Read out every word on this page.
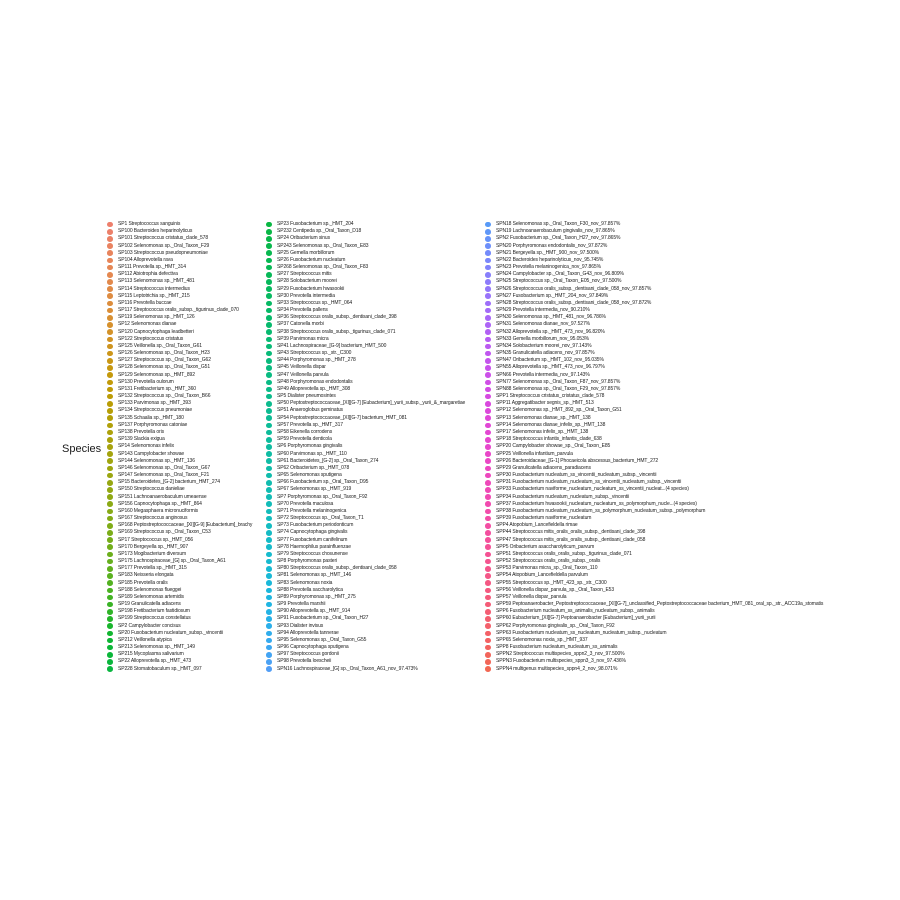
Species
SP1 Streptococcus sanguinis
SP100 Bacteroides heparinolyticus
SP101 Streptococcus cristatus_clade_578
SP102 Selenomonas sp._Oral_Taxon_F29
SP103 Streptococcus pseudopneumoniae
SP104 Alloprevotella rava
SP111 Prevotella sp._HMT_314
SP112 Abiotrophia defectiva
SP113 Selenomonas sp._HMT_481
SP114 Streptococcus intermedius
SP115 Leptotrichia sp._HMT_215
SP116 Prevotella buccae
SP117 Streptococcus oralis_subsp._tigurinus_clade_070
SP119 Selenomonas sp._HMT_126
SP12 Selenomonas dianae
SP120 Capnocytophaga leadbetteri
SP122 Streptococcus cristatus
SP125 Veillonella sp._Oral_Taxon_G61
SP126 Selenomonas sp._Oral_Taxon_H23
SP127 Streptococcus sp._Oral_Taxon_G62
SP128 Selenomonas sp._Oral_Taxon_G51
SP129 Selenomonas sp._HMT_892
SP130 Prevotella oulorum
SP131 Fretibacterium sp._HMT_360
SP132 Streptococcus sp._Oral_Taxon_B66
SP133 Parvimonas sp._HMT_393
SP134 Streptococcus pneumoniae
SP135 Schaalia sp._HMT_180
SP137 Porphyromonas catoniae
SP138 Prevotella oris
SP139 Slackia exigua
SP14 Selenomonas infelix
SP143 Campylobacter showae
SP144 Selenomonas sp._HMT_136
SP146 Selenomonas sp._Oral_Taxon_G67
SP147 Selenomonas sp._Oral_Taxon_F21
SP15 Bacteroidetes_[G-2] bacterium_HMT_274
SP150 Streptococcus danieliae
SP151 Lachnoanaerobaculum umeaense
SP156 Capnocytophaga sp._HMT_864
SP160 Megasphaera micronuciformis
SP167 Streptococcus anginosus
SP168 Peptostreptococcaceae_[XI][G-9] [Eubacterium]_brachy
SP169 Streptococcus sp._Oral_Taxon_C53
SP17 Streptococcus sp._HMT_056
SP170 Bergeyella sp._HMT_907
SP173 Mogibacterium diversum
SP175 Lachnospiraceae_[G] sp._Oral_Taxon_A61
SP177 Prevotella sp._HMT_315
SP183 Neisseria elongata
SP185 Prevotella oralis
SP188 Selenomonas flueggei
SP189 Selenomonas artemidis
SP19 Granulicatella adiacens
SP198 Fretibacterium fastidiosum
SP199 Streptococcus constellatus
SP2 Campylobacter concisus
SP20 Fusobacterium nucleatum_subsp._vincentii
SP212 Veillonella atypica
SP213 Selenomonas sp._HMT_149
SP215 Mycoplasma salivarium
SP22 Alloprevotella sp._HMT_473
SP228 Stomatobaculum sp._HMT_097
SP23 Fusobacterium sp._HMT_204
SP232 Centipeda sp._Oral_Taxon_D18
SP24 Oribacterium sinus
SP243 Selenomonas sp._Oral_Taxon_E83
SP25 Gemella morbillorum
SP26 Fusobacterium nucleatum
SP268 Selenomonas sp._Oral_Taxon_F83
SP27 Streptococcus mitis
SP28 Solobacterium moorei
SP29 Fusobacterium hwasookii
SP30 Prevotella intermedia
SP33 Streptococcus sp._HMT_064
SP34 Prevotella pallens
SP36 Streptococcus oralis_subsp._dentisani_clade_398
SP37 Catonella morbi
SP38 Streptococcus oralis_subsp._tigurinus_clade_071
SP39 Parvimonas micra
SP41 Lachnospiraceae_[G-9] bacterium_HMT_500
SP43 Streptococcus sp._str._C300
SP44 Porphyromonas sp._HMT_278
SP45 Veillonella dispar
SP47 Veillonella parvula
SP48 Porphyromonas endodontalis
SP49 Alloprevotella sp._HMT_308
SP5 Dialister pneumosintes
SP50 Peptostreptococcaceae_[XI][G-7] [Eubacterium]_yurii_subsp._yurii_&_margaretiae
SP51 Anaeroglobus geminatus
SP54 Peptostreptococcaceae_[XI][G-7] bacterium_HMT_081
SP57 Prevotella sp._HMT_317
SP58 Eikenella corrodens
SP59 Prevotella denticola
SP6 Porphyromonas gingivalis
SP60 Parvimonas sp._HMT_110
SP61 Bacteroidetes_[G-2] sp._Oral_Taxon_274
SP62 Oribacterium sp._HMT_078
SP65 Selenomonas sputigena
SP66 Fusobacterium sp._Oral_Taxon_D95
SP67 Selenomonas sp._HMT_919
SP7 Porphyromonas sp._Oral_Taxon_F92
SP70 Prevotella maculosa
SP71 Prevotella melaninogenica
SP72 Streptococcus sp._Oral_Taxon_T1
SP73 Fusobacterium periodonticum
SP74 Capnocytophaga gingivalis
SP77 Fusobacterium canifelinum
SP78 Haemophilus parainfluenzae
SP79 Streptococcus chosunense
SP8 Porphyromonas pasteri
SP80 Streptococcus oralis_subsp._dentisani_clade_058
SP81 Selenomonas sp._HMT_146
SP83 Selenomonas noxia
SP88 Prevotella saccharolytica
SP89 Porphyromonas sp._HMT_275
SP9 Prevotella marshii
SP90 Alloprevotella sp._HMT_914
SP91 Fusobacterium sp._Oral_Taxon_H27
SP93 Dialister invisus
SP94 Alloprevotella tannerae
SP95 Selenomonas sp._Oral_Taxon_G55
SP96 Capnocytophaga sputigena
SP97 Streptococcus gordonii
SP98 Prevotella loescheii
SPN16 Lachnospiraceae_[G] sp._Oral_Taxon_A61_nov_97.473%
SPN18 Selenomonas sp._Oral_Taxon_F30_nov_97.857%
SPN19 Lachnoanaerobaculum gingivalis_nov_97.865%
SPN2 Fusobacterium sp._Oral_Taxon_H27_nov_97.865%
SPN20 Porphyromonas endodontalis_nov_97.872%
SPN21 Bergeyella sp._HMT_900_nov_97.500%
SPN22 Bacteroides heparinolyticus_nov_95.745%
SPN23 Prevotella melaninogenica_nov_97.865%
SPN24 Campylobacter sp._Oral_Taxon_G43_nov_96.809%
SPN25 Streptococcus sp._Oral_Taxon_E05_nov_97.500%
SPN26 Streptococcus oralis_subsp._dentisani_clade_058_nov_97.857%
SPN27 Fusobacterium sp._HMT_204_nov_97.849%
SPN28 Streptococcus oralis_subsp._dentisani_clade_058_nov_97.872%
SPN29 Prevotella intermedia_nov_90.210%
SPN30 Selenomonas sp._HMT_481_nov_96.786%
SPN31 Selenomonas dianae_nov_97.527%
SPN32 Alloprevotella sp._HMT_473_nov_96.820%
SPN33 Gemella morbillorum_nov_95.053%
SPN34 Solobacterium moorei_nov_97.143%
SPN35 Granulicatella adiacens_nov_97.857%
SPN47 Oribacterium sp._HMT_102_nov_95.035%
SPN55 Alloprevotella sp._HMT_473_nov_96.797%
SPN66 Prevotella intermedia_nov_97.143%
SPN77 Selenomonas sp._Oral_Taxon_F87_nov_97.857%
SPN88 Selenomonas sp._Oral_Taxon_F29_nov_97.857%
SPP1 Streptococcus cristatus_cristatus_clade_578
SPP11 Aggregatibacter segnis_sp._HMT_513
SPP12 Selenomonas sp._HMT_892_sp._Oral_Taxon_G51
SPP13 Selenomonas dianae_sp._HMT_138
SPP14 Selenomonas dianae_infelix_sp._HMT_138
SPP17 Selenomonas infelix_sp._HMT_138
SPP18 Streptococcus infantis_infantis_clade_638
SPP20 Campylobacter showae_sp._Oral_Taxon_E85
SPP25 Veillonella infantium_parvula
SPP26 Bacteroidaceae_[G-1] Phocaeicola abscessus_bacterium_HMT_272
SPP29 Granulicatella adiacens_paradiacens
SPP30 Fusobacterium nucleatum_ss_vincentii_nucleatum_subsp._vincentii
SPP31 Fusobacterium nucleatum_nucleatum_ss_vincentii_nucleatum_subsp._vincentii
SPP33 Fusobacterium naviforme_nucleatum_nucleatum_ss_vincentii_nucleat...(4 species)
SPP34 Fusobacterium nucleatum_nucleatum_subsp._vincentii
SPP37 Fusobacterium hwasookii_nucleatum_nucleatum_ss_polymorphum_nucle...(4 species)
SPP38 Fusobacterium nucleatum_nucleatum_ss_polymorphum_nucleatum_subsp._polymorphum
SPP39 Fusobacterium naviforme_nucleatum
SPP4 Atopobium_Lancefieldella rimae
SPP44 Streptococcus mitis_oralis_oralis_subsp._dentisani_clade_398
SPP47 Streptococcus mitis_oralis_oralis_subsp._dentisani_clade_058
SPP5 Oribacterium asaccharolyticum_parvum
SPP51 Streptococcus oralis_oralis_subsp._tigurinus_clade_071
SPP52 Streptococcus oralis_oralis_subsp._oralis
SPP53 Parvimonas micra_sp._Oral_Taxon_110
SPP54 Atopobium_Lancefieldella parvulum
SPP55 Streptococcus sp._HMT_423_sp._str._C300
SPP56 Veillonella dispar_parvula_sp._Oral_Taxon_E53
SPP57 Veillonella dispar_parvula
SPP59 Peptoanaerobacter_Peptostreptococcaceae_[XI][G-7]_unclassified_Peptostreptococcaceae bacterium_HMT_081_oral_sp._str._ACC19a_stomatis
SPP6 Fusobacterium nucleatum_ss_animalis_nucleatum_subsp._animalis
SPP60 Eubacterium_[XI][G-7] Peptoanaerobacter [Eubacterium]_yurii_yurii
SPP62 Porphyromonas gingivalis_sp._Oral_Taxon_F92
SPP63 Fusobacterium nucleatum_ss_nucleatum_nucleatum_subsp._nucleatum
SPP65 Selenomonas noxia_sp._HMT_937
SPP8 Fusobacterium nucleatum_nucleatum_ss_animalis
SPPN2 Streptococcus multispecies_sppn2_3_nov_97.500%
SPPN3 Fusobacterium multispecies_sppn3_3_nov_97.436%
SPPN4 multigenus multispecies_sppn4_2_nov_98.071%
